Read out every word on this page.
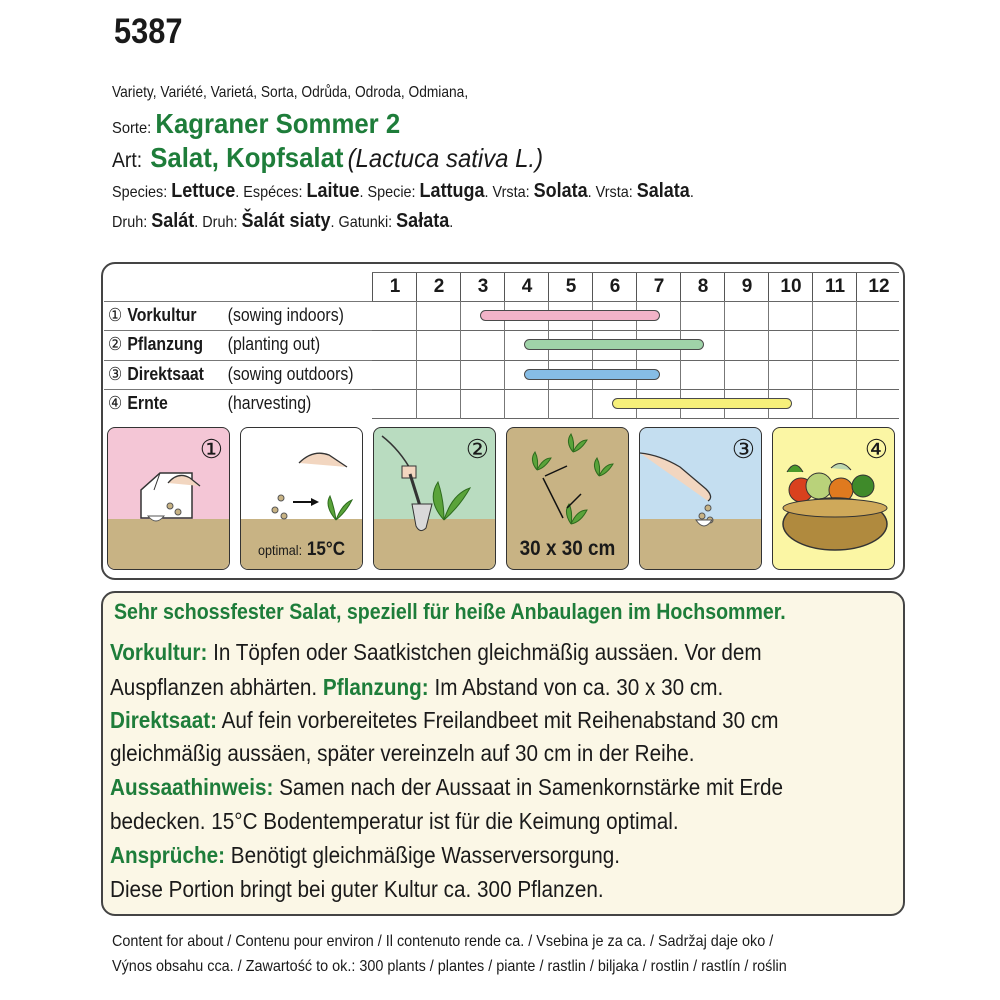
5387
Variety, Variété, Varietá, Sorta, Odrůda, Odroda, Odmiana,
Sorte: Kagraner Sommer 2
Art: Salat, Kopfsalat (Lactuca sativa L.)
Species: Lettuce. Espéces: Laitue. Specie: Lattuga. Vrsta: Solata. Vrsta: Salata.
Druh: Salát. Druh: Šalát siaty. Gatunki: Sałata.
1	2	3	4	5	6	7	8	9	10	11	12
① Vorkultur (sowing indoors)
② Pflanzung (planting out)
③ Direktsaat (sowing outdoors)
④ Ernte	(harvesting)
①
optimal: 15°C
②
30 x 30 cm
③	④
Sehr schossfester Salat, speziell für heiße Anbaulagen im Hochsommer.
Vorkultur: In Töpfen oder Saatkistchen gleichmäßig aussäen. Vor dem
Auspflanzen abhärten. Pflanzung: Im Abstand von ca. 30 x 30 cm.
Direktsaat: Auf fein vorbereitetes Freilandbeet mit Reihenabstand 30 cm
gleichmäßig aussäen, später vereinzeln auf 30 cm in der Reihe.
Aussaathinweis: Samen nach der Aussaat in Samenkornstärke mit Erde
bedecken. 15°C Bodentemperatur ist für die Keimung optimal.
Ansprüche: Benötigt gleichmäßige Wasserversorgung.
Diese Portion bringt bei guter Kultur ca. 300 Pflanzen.
Content for about / Contenu pour environ / Il contenuto rende ca. / Vsebina je za ca. / Sadržaj daje oko /
Výnos obsahu cca. / Zawartość to ok.: 300 plants / plantes / piante / rastlin / biljaka / rostlin / rastlín / roślin
